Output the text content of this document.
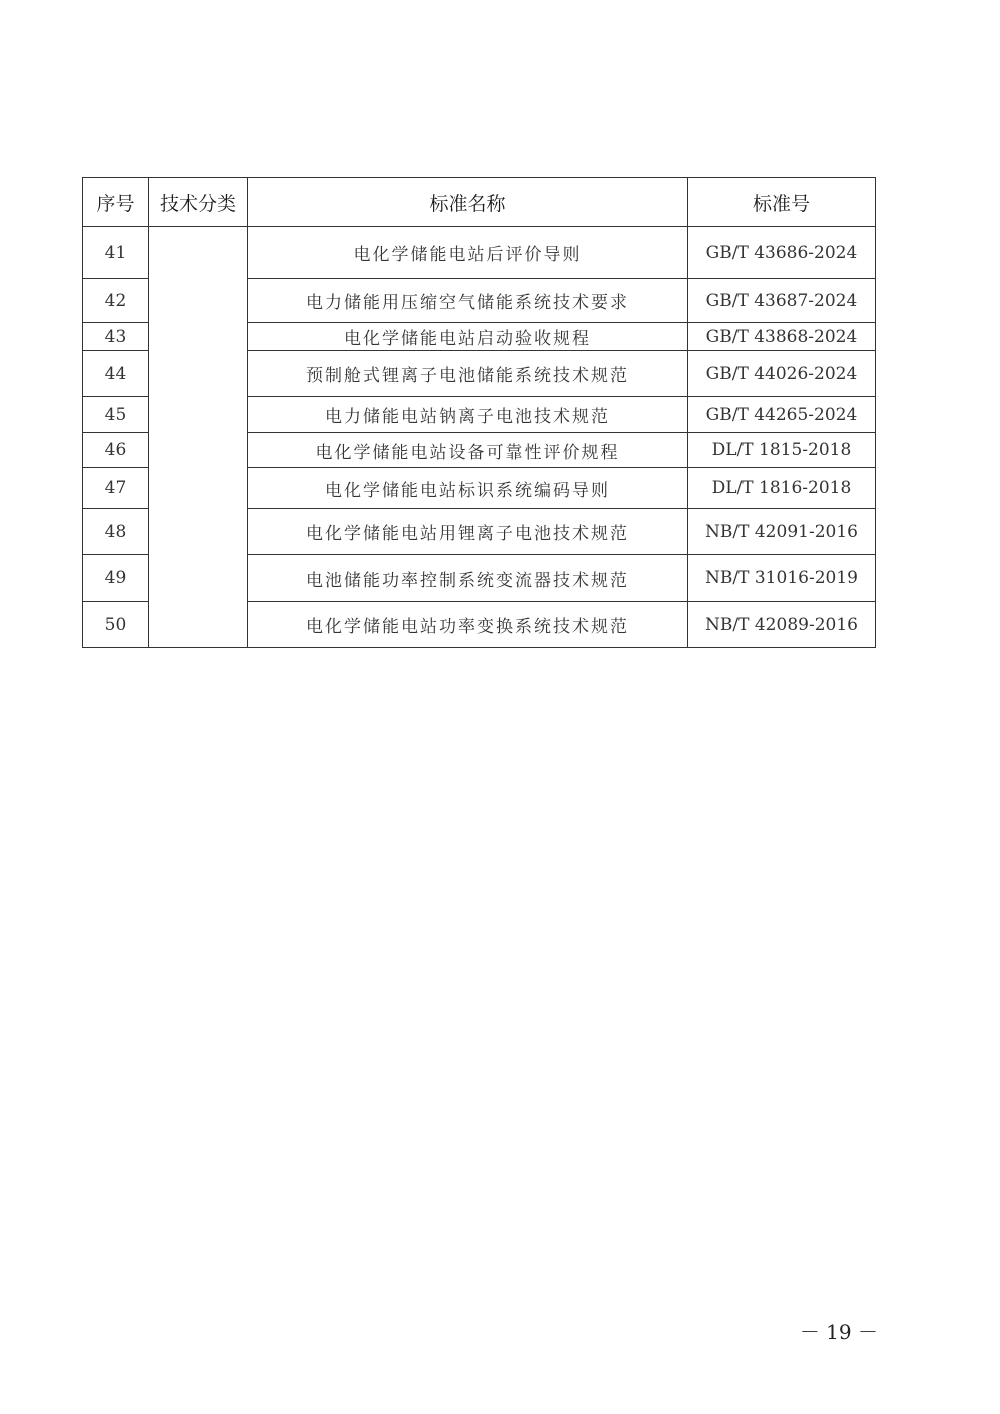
序号	技术分类	标准名称	标准号
41		电化学储能电站后评价导则	GB/T 43686-2024
42		电力储能用压缩空气储能系统技术要求	GB/T 43687-2024
43		电化学储能电站启动验收规程	GB/T 43868-2024
44		预制舱式锂离子电池储能系统技术规范	GB/T 44026-2024
45		电力储能电站钠离子电池技术规范	GB/T 44265-2024
46		电化学储能电站设备可靠性评价规程	DL/T 1815-2018
47		电化学储能电站标识系统编码导则	DL/T 1816-2018
48		电化学储能电站用锂离子电池技术规范	NB/T 42091-2016
49		电池储能功率控制系统变流器技术规范	NB/T 31016-2019
50		电化学储能电站功率变换系统技术规范	NB/T 42089-2016
－ 19 －
